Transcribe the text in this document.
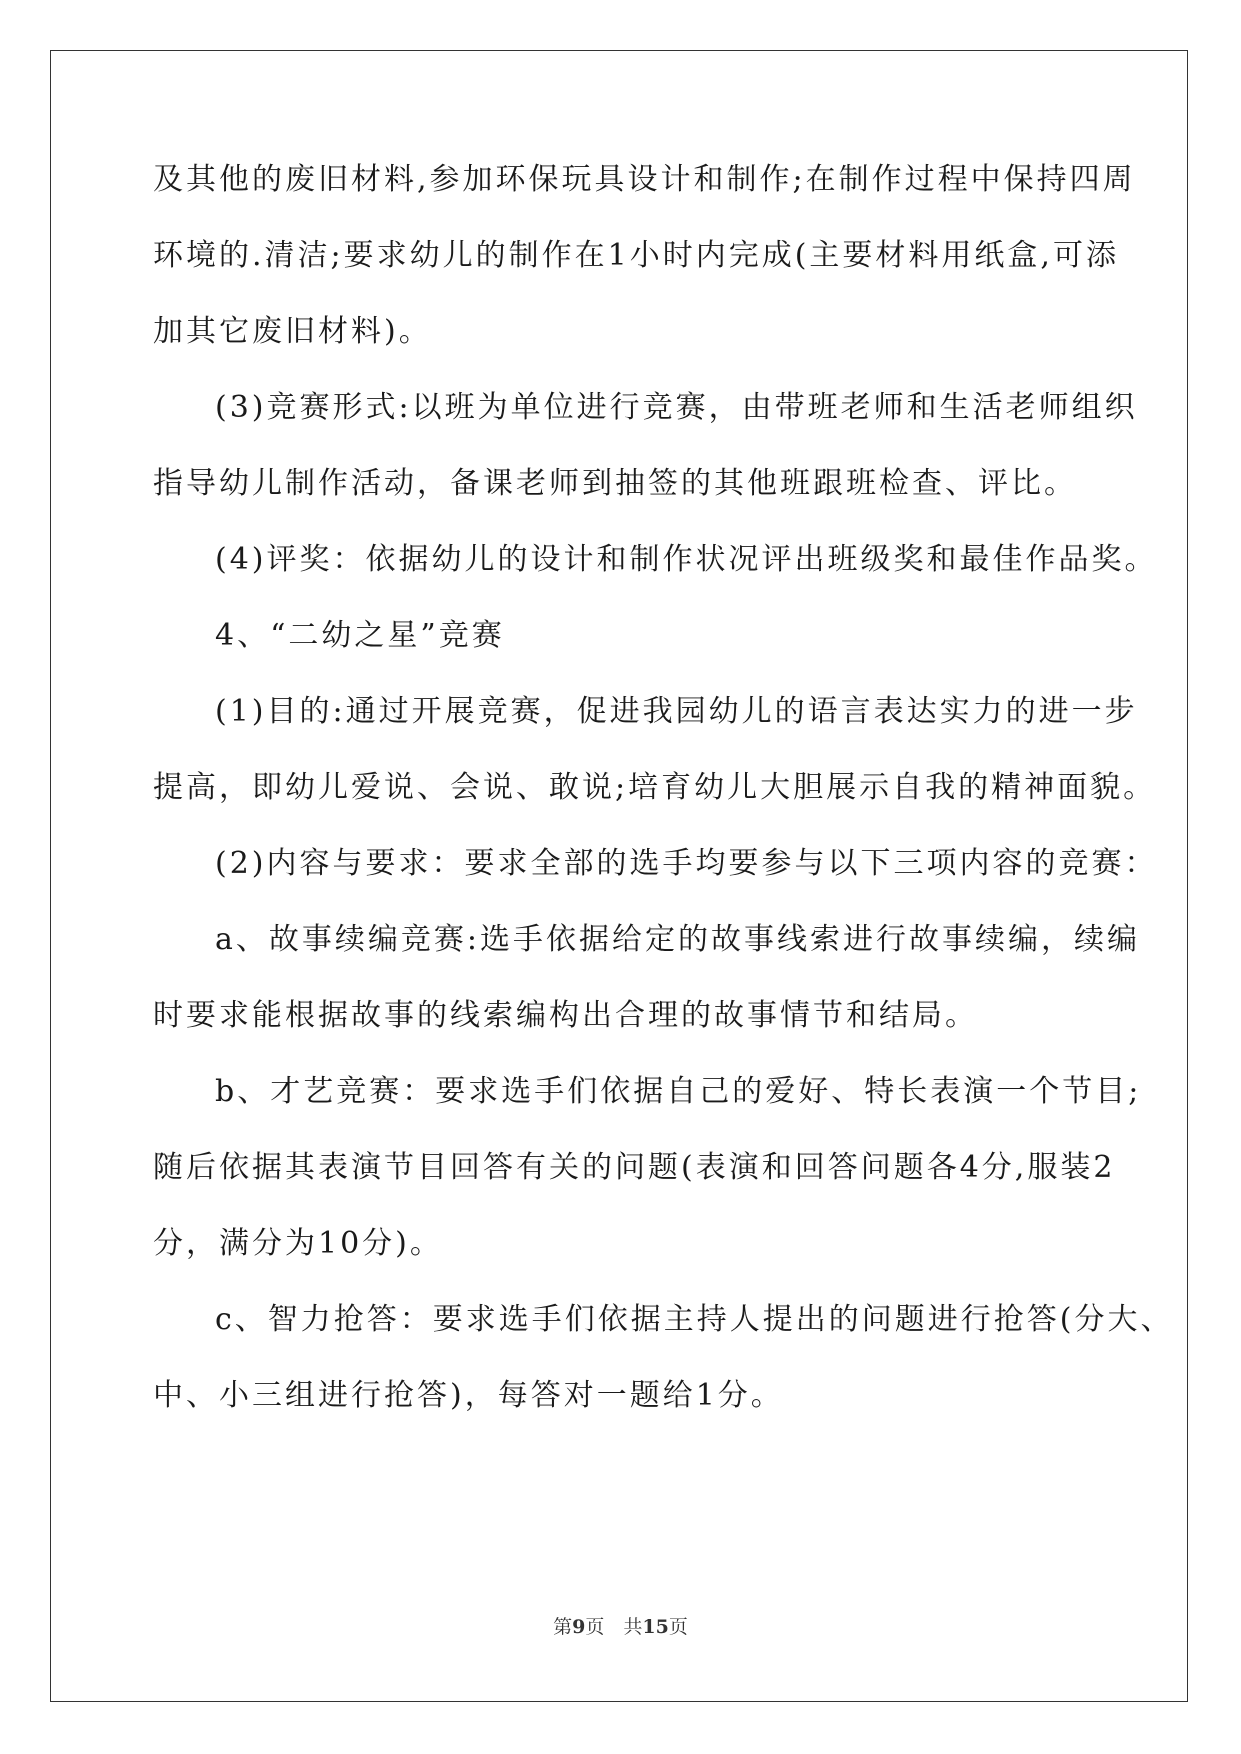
及其他的废旧材料,参加环保玩具设计和制作;在制作过程中保持四周
环境的.清洁;要求幼儿的制作在1小时内完成(主要材料用纸盒,可添
加其它废旧材料)。
(3)竞赛形式:以班为单位进行竞赛，由带班老师和生活老师组织
指导幼儿制作活动，备课老师到抽签的其他班跟班检查、评比。
(4)评奖：依据幼儿的设计和制作状况评出班级奖和最佳作品奖。
4、“二幼之星”竞赛
(1)目的:通过开展竞赛，促进我园幼儿的语言表达实力的进一步
提高，即幼儿爱说、会说、敢说;培育幼儿大胆展示自我的精神面貌。
(2)内容与要求：要求全部的选手均要参与以下三项内容的竞赛：
a、故事续编竞赛:选手依据给定的故事线索进行故事续编，续编
时要求能根据故事的线索编构出合理的故事情节和结局。
b、才艺竞赛：要求选手们依据自己的爱好、特长表演一个节目;
随后依据其表演节目回答有关的问题(表演和回答问题各4分,服装2
分，满分为10分)。
c、智力抢答：要求选手们依据主持人提出的问题进行抢答(分大、
中、小三组进行抢答)，每答对一题给1分。
第9页　共15页
